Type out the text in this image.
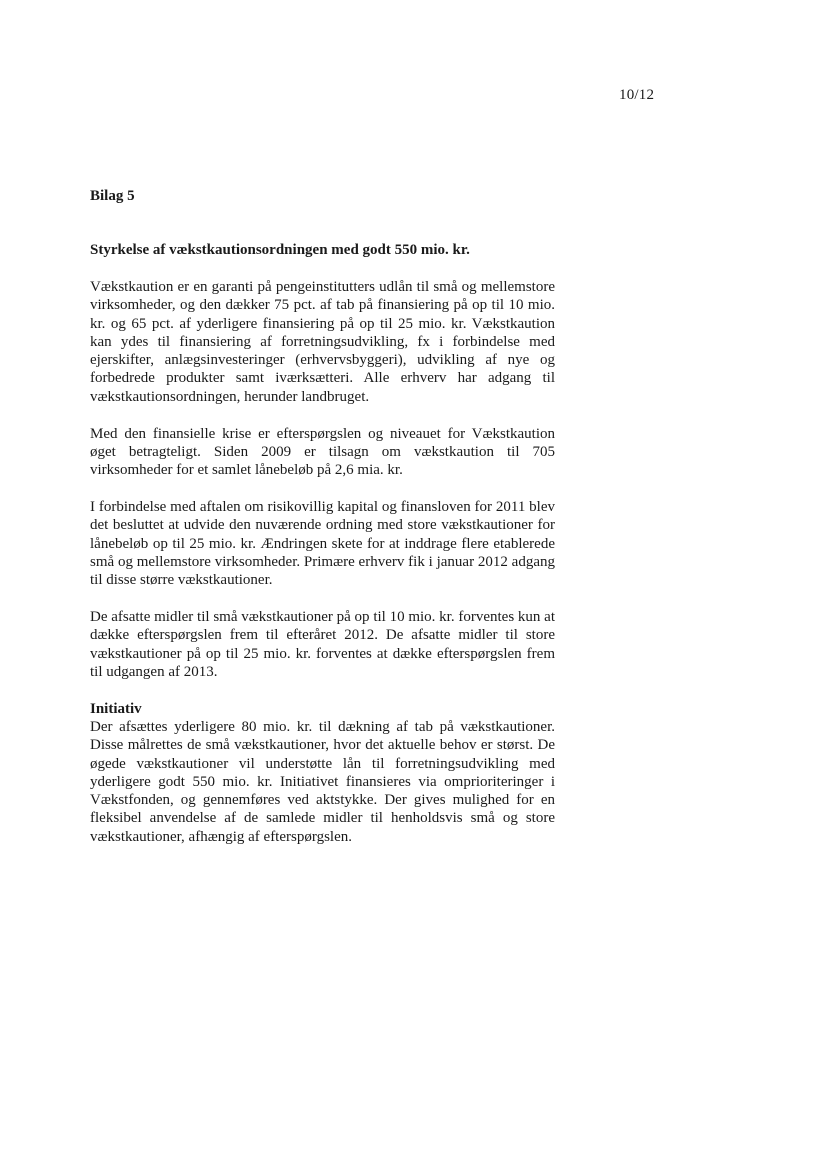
10/12
Bilag 5
Styrkelse af vækstkautionsordningen med godt 550 mio. kr.

Vækstkaution er en garanti på pengeinstitutters udlån til små og mellemstore virksomheder, og den dækker 75 pct. af tab på finansiering på op til 10 mio. kr. og 65 pct. af yderligere finansiering på op til 25 mio. kr. Vækstkaution kan ydes til finansiering af forretningsudvikling, fx i forbindelse med ejerskifter, anlægsinvesteringer (erhvervsbyggeri), udvikling af nye og forbedrede produkter samt iværksætteri. Alle erhverv har adgang til vækstkautionsordningen, herunder landbruget.

Med den finansielle krise er efterspørgslen og niveauet for Vækstkaution øget betragteligt. Siden 2009 er tilsagn om vækstkaution til 705 virksomheder for et samlet lånebeløb på 2,6 mia. kr.

I forbindelse med aftalen om risikovillig kapital og finansloven for 2011 blev det besluttet at udvide den nuværende ordning med store vækstkautioner for lånebeløb op til 25 mio. kr. Ændringen skete for at inddrage flere etablerede små og mellemstore virksomheder. Primære erhverv fik i januar 2012 adgang til disse større vækstkautioner.

De afsatte midler til små vækstkautioner på op til 10 mio. kr. forventes kun at dække efterspørgslen frem til efteråret 2012. De afsatte midler til store vækstkautioner på op til 25 mio. kr. forventes at dække efterspørgslen frem til udgangen af 2013.

Initiativ
Der afsættes yderligere 80 mio. kr. til dækning af tab på vækstkautioner. Disse målrettes de små vækstkautioner, hvor det aktuelle behov er størst. De øgede vækstkautioner vil understøtte lån til forretningsudvikling med yderligere godt 550 mio. kr. Initiativet finansieres via omprioriteringer i Vækstfonden, og gennemføres ved aktstykke. Der gives mulighed for en fleksibel anvendelse af de samlede midler til henholdsvis små og store vækstkautioner, afhængig af efterspørgslen.
